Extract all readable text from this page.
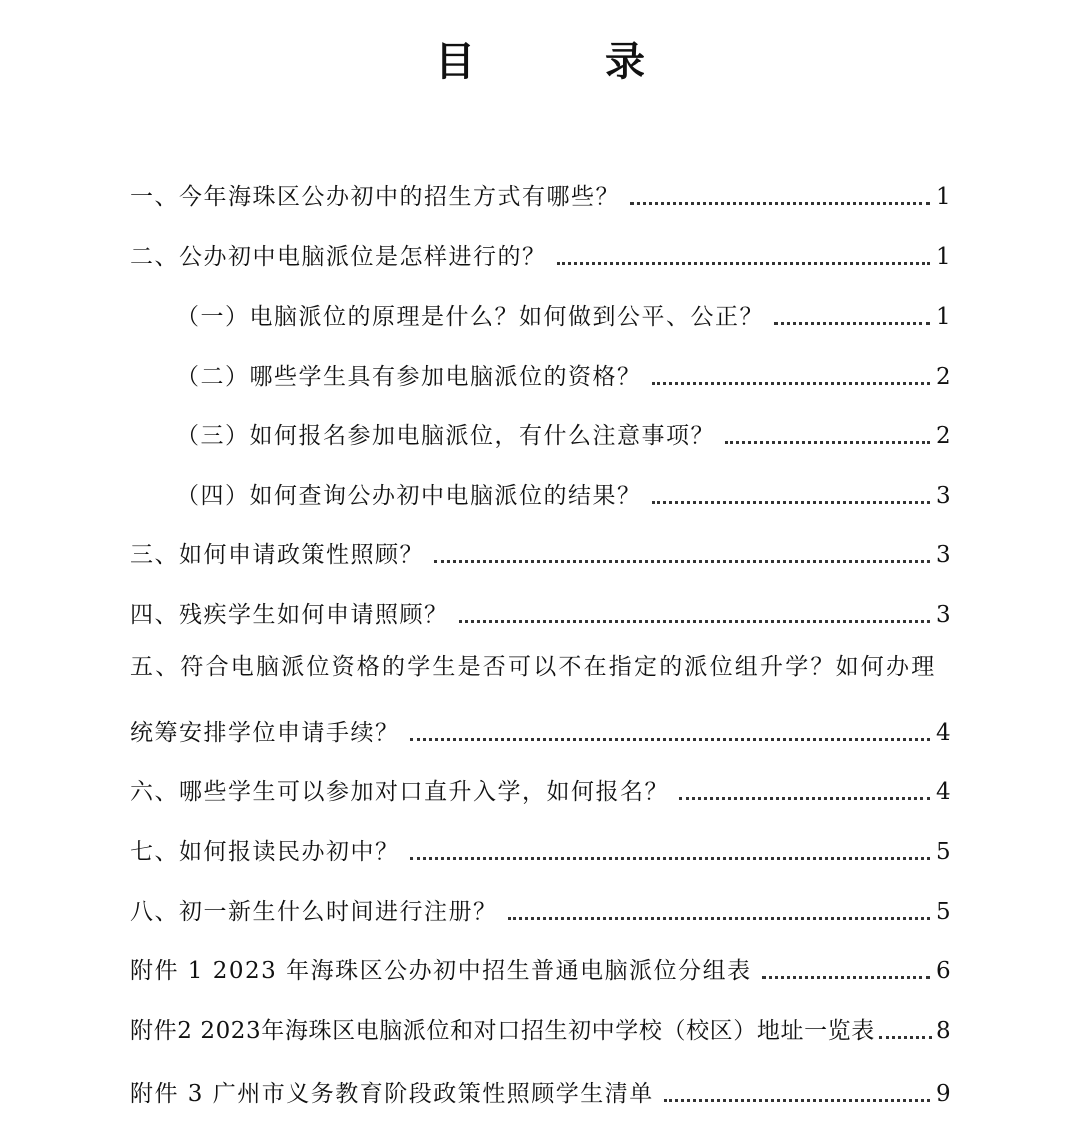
目 录
一、今年海珠区公办初中的招生方式有哪些？	1
二、公办初中电脑派位是怎样进行的？	1
（一）电脑派位的原理是什么？如何做到公平、公正？	1
（二）哪些学生具有参加电脑派位的资格？	2
（三）如何报名参加电脑派位，有什么注意事项？	2
（四）如何查询公办初中电脑派位的结果？	3
三、如何申请政策性照顾？	3
四、残疾学生如何申请照顾？	3
五、符合电脑派位资格的学生是否可以不在指定的派位组升学？如何办理
统筹安排学位申请手续？	4
六、哪些学生可以参加对口直升入学，如何报名？	4
七、如何报读民办初中？	5
八、初一新生什么时间进行注册？	5
附件 1 2023 年海珠区公办初中招生普通电脑派位分组表	6
附件2 2023年海珠区电脑派位和对口招生初中学校（校区）地址一览表	8
附件 3 广州市义务教育阶段政策性照顾学生清单	9
